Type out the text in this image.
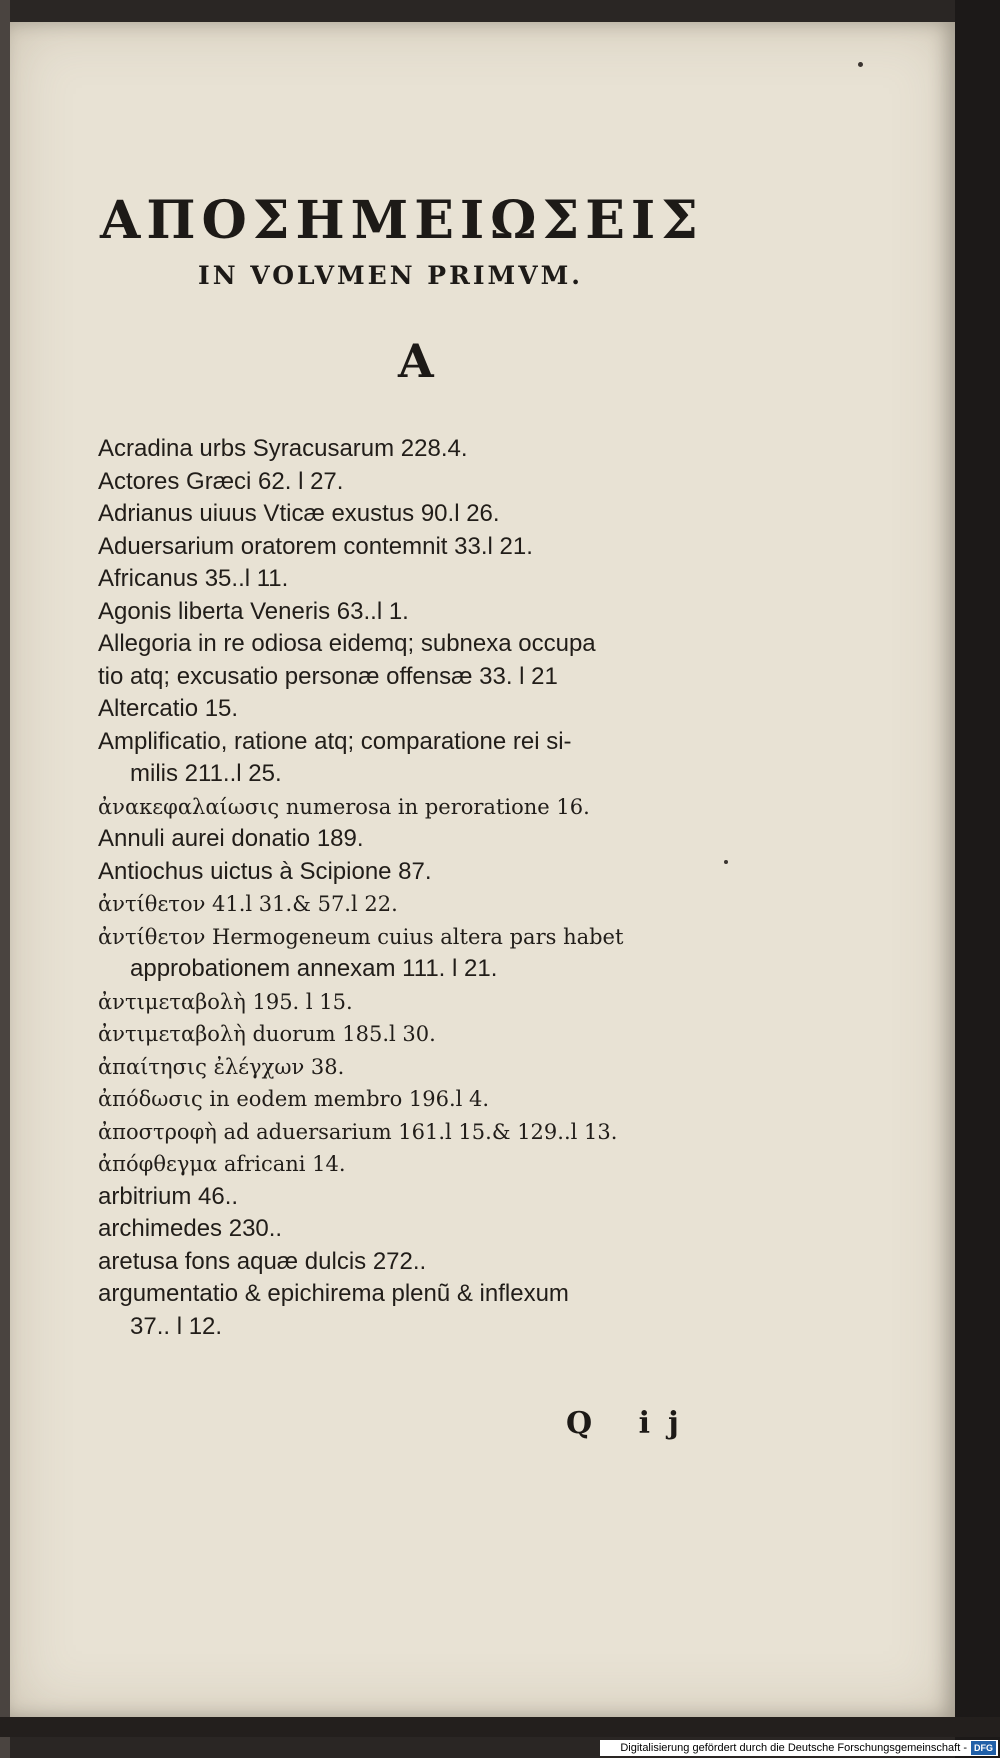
ΑΠΟΣΗΜΕΙΩΣΕΙΣ
IN VOLVMEN PRIMVM.
A

Acradina urbs Syracusarum 228.4.

Actores Græci 62. l 27.

Adrianus uiuus Vticæ exustus 90.l 26.

Aduersarium oratorem contemnit 33.l 21.

Africanus 35..l 11.

Agonis liberta Veneris 63..l 1.

Allegoria in re odiosa eidemq; subnexa occupa

tio atq; excusatio personæ offensæ 33. l 21

Altercatio 15.

Amplificatio, ratione atq; comparatione rei si-

milis 211..l 25.

ἀνακεφαλαίωσις numerosa in peroratione 16.

Annuli aurei donatio 189.

Antiochus uictus à Scipione 87.

ἀντίθετον 41.l 31.& 57.l 22.

ἀντίθετον Hermogeneum cuius altera pars habet

approbationem annexam 111. l 21.

ἀντιμεταβολὴ 195. l 15.

ἀντιμεταβολὴ duorum 185.l 30.

ἀπαίτησις ἐλέγχων 38.

ἀπόδωσις in eodem membro 196.l 4.

ἀποστροφὴ ad aduersarium 161.l 15.& 129..l 13.

ἀπόφθεγμα africani 14.

arbitrium 46..

archimedes 230..

aretusa fons aquæ dulcis 272..

argumentatio & epichirema plenũ & inflexum

37.. l 12.

Q ij
Digitalisierung gefördert durch die Deutsche Forschungsgemeinschaft - DFG
